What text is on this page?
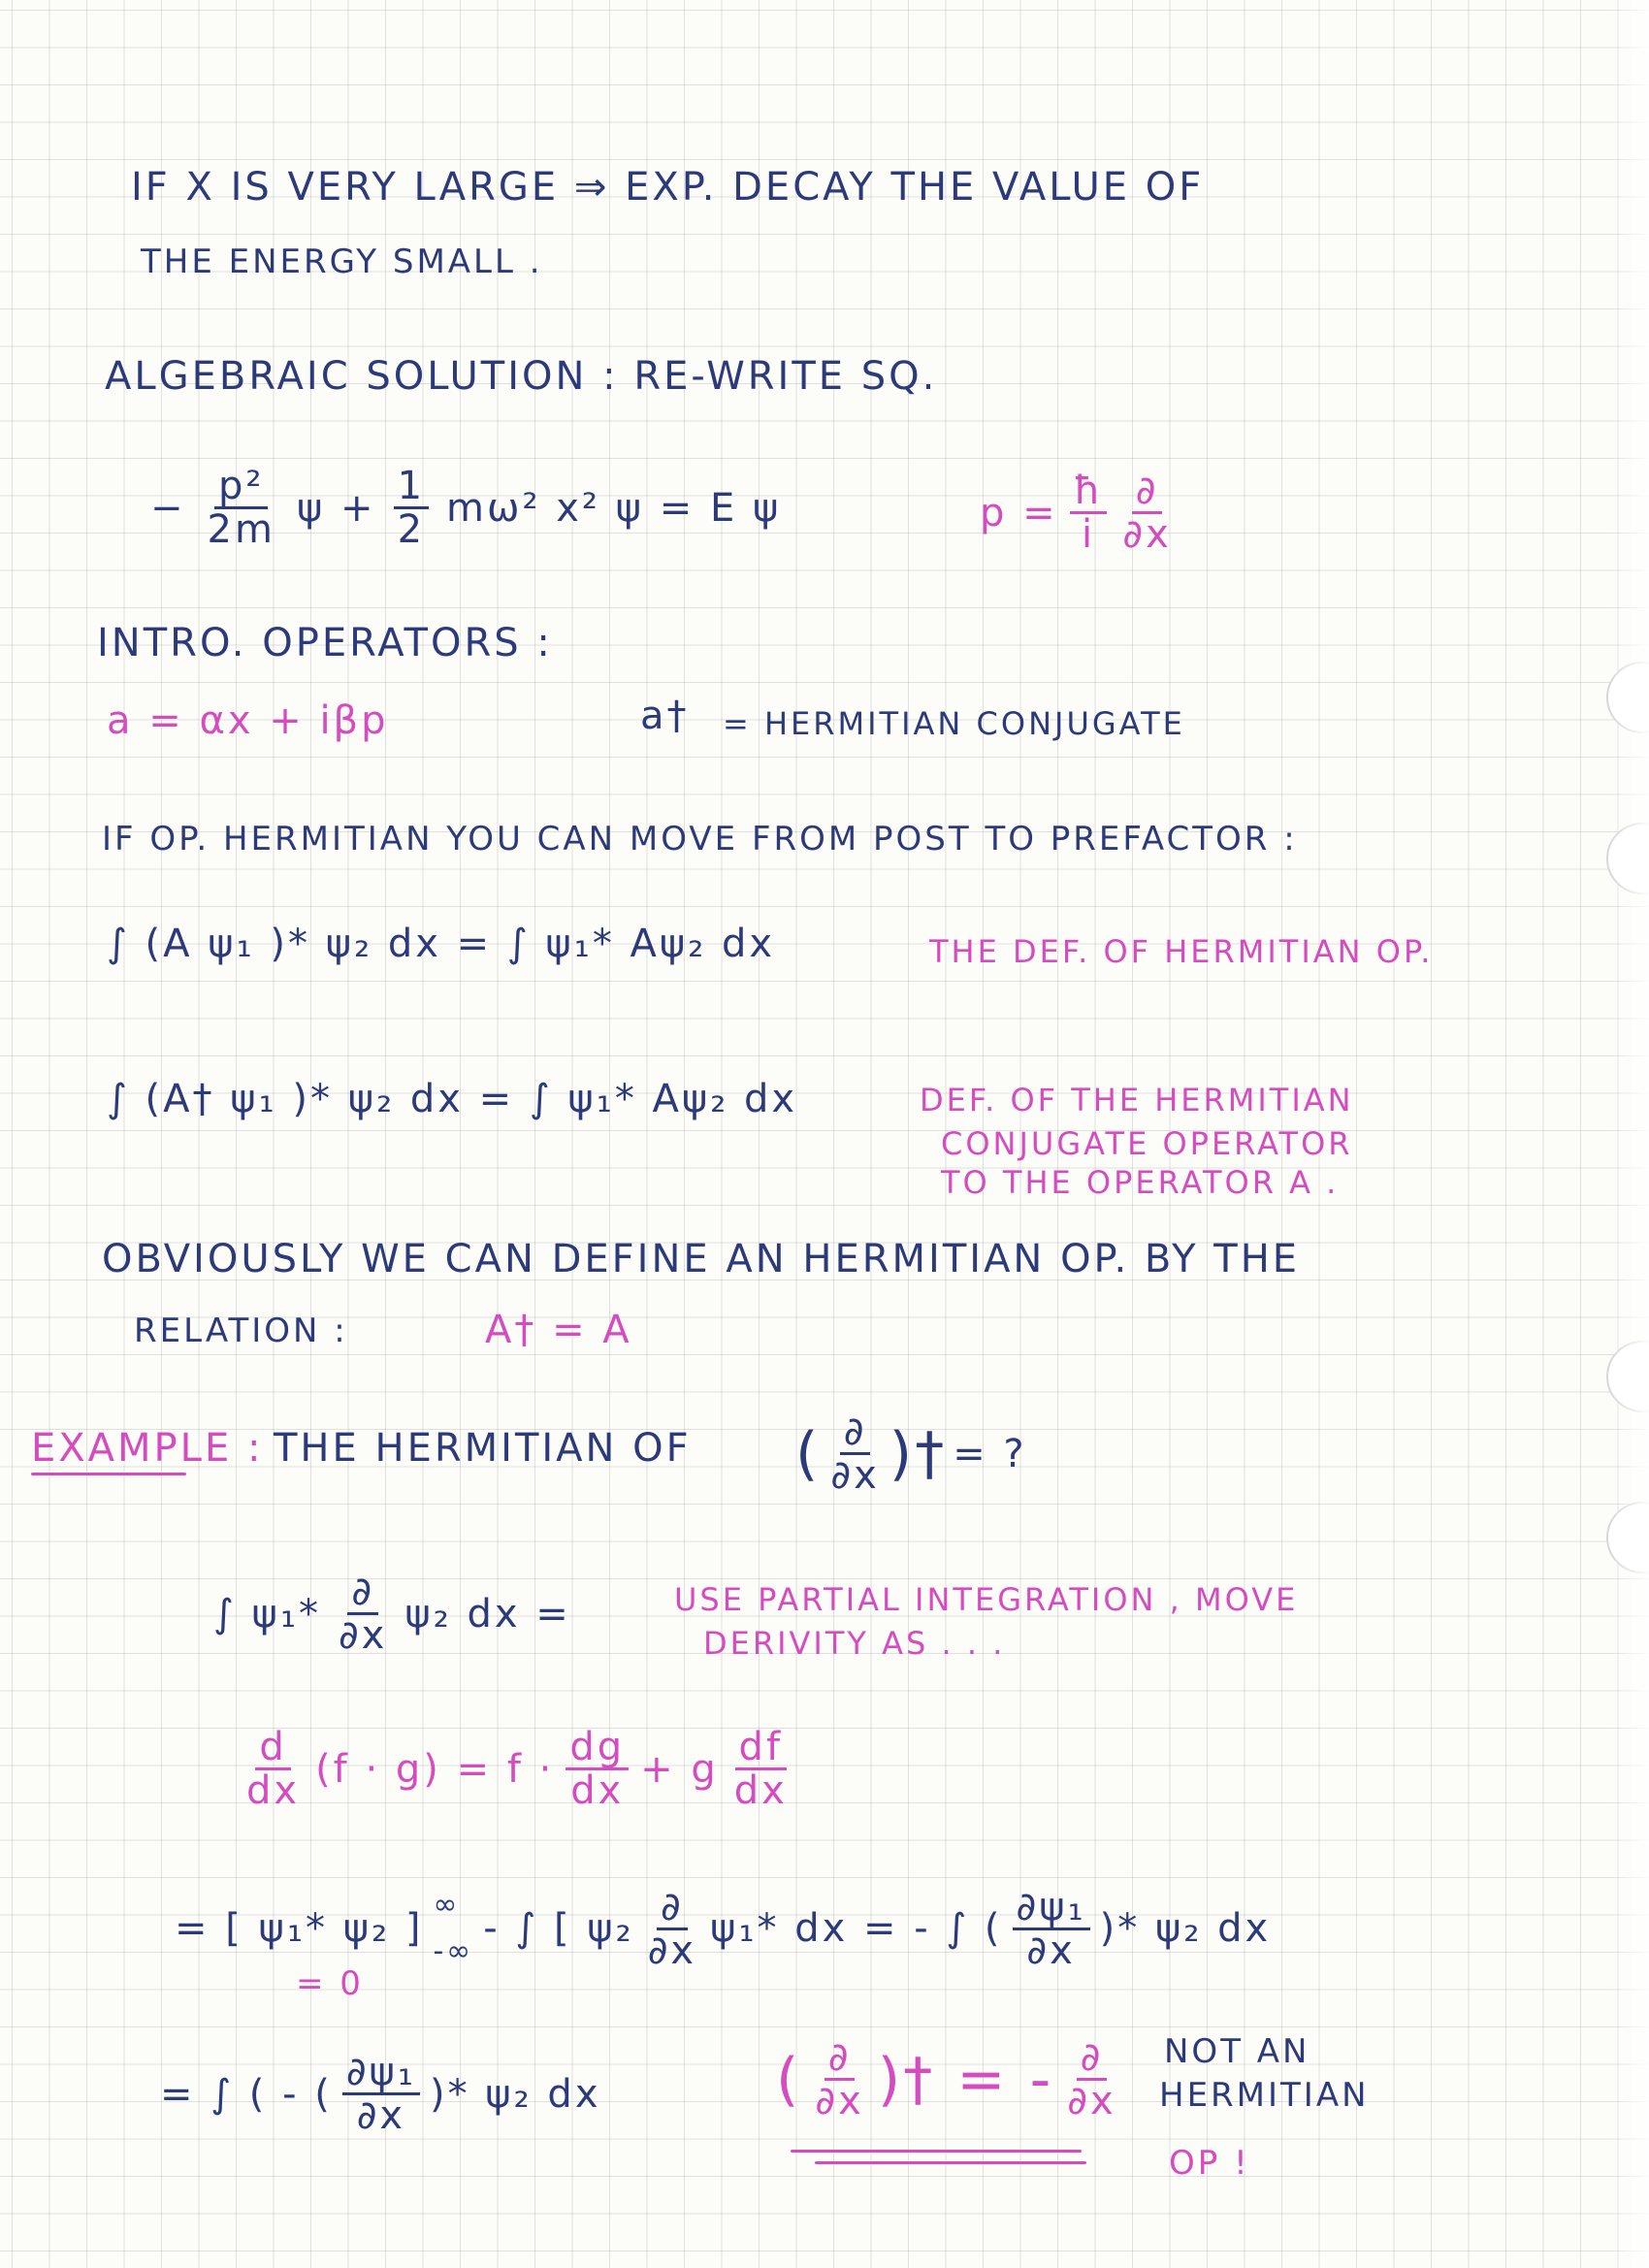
IF X IS VERY LARGE ⇒ EXP. DECAY THE VALUE OF
THE ENERGY SMALL .
ALGEBRAIC SOLUTION : RE-WRITE SQ.
− $\frac{\text{p²}}{2m}$ $\psi + \frac{1}{2} m\omega^2$ x² ψ = E ψ	$p = \frac{ħ}{i} \frac{\partial}{\partial x}$
INTRO. OPERATORS :
a = αx + iβp	a† = HERMITIAN CONJUGATE
IF OP. HERMITIAN YOU CAN MOVE FROM POST TO PREFACTOR :
∫ (A ψ₁ )* ψ₂ dx = ∫ ψ₁* Aψ₂ dx	THE DEF. OF HERMITIAN OP.
∫ (A† ψ₁ )* ψ₂ dx = ∫ ψ₁* Aψ₂ dx	DEF. OF THE HERMITIAN
CONJUGATE OPERATOR
TO THE OPERATOR A .
OBVIOUSLY WE CAN DEFINE AN HERMITIAN OP. BY THE
RELATION :	A† = A
EXAMPLE : THE HERMITIAN OF ( $\frac{\partial}{\partial x}$ )† = ?
∫ $\psi_1* \frac{\partial}{\partial x} \psi_2$ dx =	USE PARTIAL INTEGRATION , MOVE
DERIVITY AS . . .
$\frac{d}{dx} (f \cdot g) = f \cdot \frac{dg}{dx} + g \frac{df}{dx}$
= [ ψ₁* ψ₂ ]
∞
-∞
- ∫ [ $\psi_2 \frac{\partial}{\partial x} \psi_1*$ dx = - ∫ ( $\frac{\text{∂ψ₁}}{\partial x}$ )* ψ₂ dx
= 0
= ∫ ( - ( $\frac{\text{∂ψ₁}}{\partial x}$ )* ψ₂ dx	( $\frac{\partial}{\partial x}$ )† = - $\frac{\partial}{\partial x}$ NOT AN
HERMITIAN
OP !
